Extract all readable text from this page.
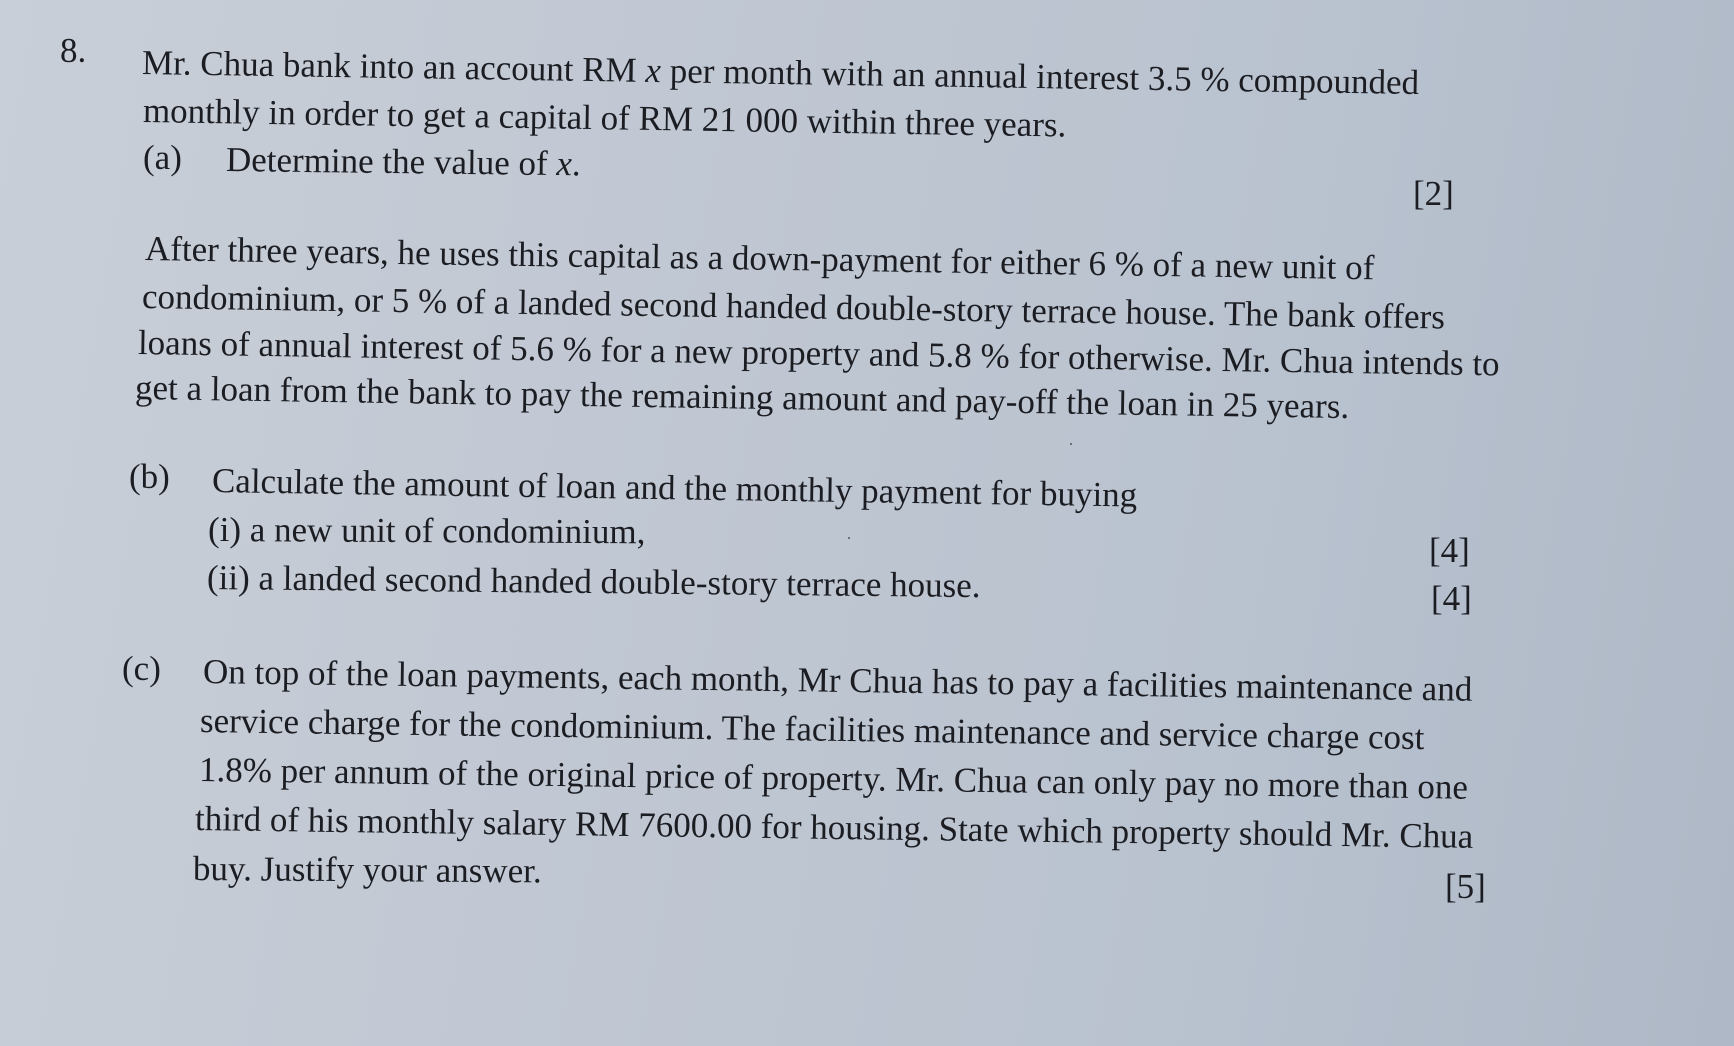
8. Mr. Chua bank into an account RM x per month with an annual interest 3.5 % compounded
monthly in order to get a capital of RM 21 000 within three years.
(a) Determine the value of x.
[2]
After three years, he uses this capital as a down-payment for either 6 % of a new unit of
condominium, or 5 % of a landed second handed double-story terrace house. The bank offers
loans of annual interest of 5.6 % for a new property and 5.8 % for otherwise. Mr. Chua intends to
get a loan from the bank to pay the remaining amount and pay-off the loan in 25 years.
(b) Calculate the amount of loan and the monthly payment for buying
(i) a new unit of condominium,	[4]
(ii) a landed second handed double-story terrace house.	[4]
(c) On top of the loan payments, each month, Mr Chua has to pay a facilities maintenance and
service charge for the condominium. The facilities maintenance and service charge cost
1.8% per annum of the original price of property. Mr. Chua can only pay no more than one
third of his monthly salary RM 7600.00 for housing. State which property should Mr. Chua
buy. Justify your answer.	[5]
